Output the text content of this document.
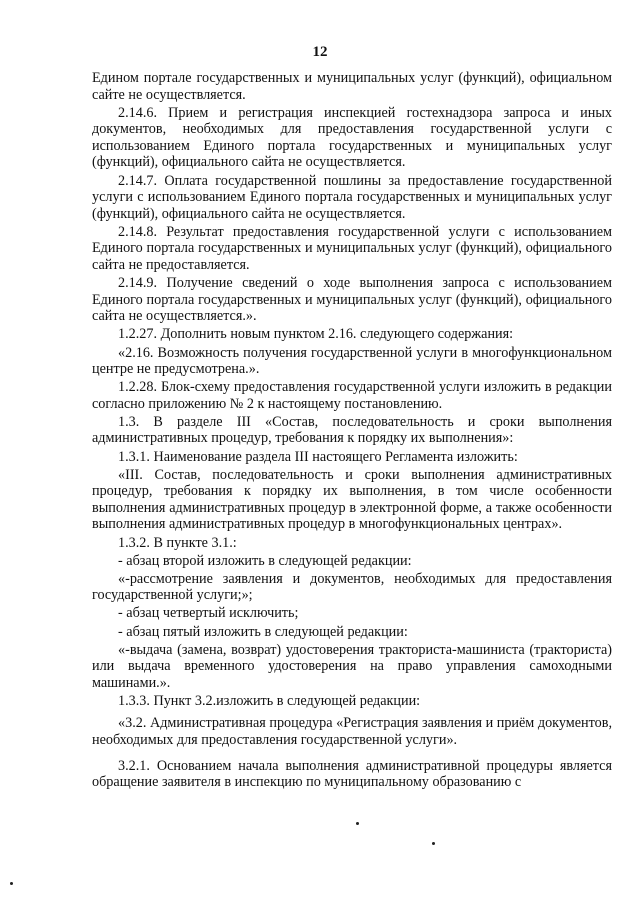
12

Едином портале государственных и муниципальных услуг (функций), официальном сайте не осуществляется.

2.14.6. Прием и регистрация инспекцией гостехнадзора запроса и иных документов, необходимых для предоставления государственной услуги с использованием Единого портала государственных и муниципальных услуг (функций), официального сайта не осуществляется.

2.14.7. Оплата государственной пошлины за предоставление государственной услуги с использованием Единого портала государственных и муниципальных услуг (функций), официального сайта не осуществляется.

2.14.8. Результат предоставления государственной услуги с использованием Единого портала государственных и муниципальных услуг (функций), официального сайта не предоставляется.

2.14.9. Получение сведений о ходе выполнения запроса с использованием Единого портала государственных и муниципальных услуг (функций), официального сайта не осуществляется.».

1.2.27. Дополнить новым пунктом 2.16. следующего содержания:

«2.16. Возможность получения государственной услуги в многофункциональном центре не предусмотрена.».

1.2.28. Блок-схему предоставления государственной услуги изложить в редакции согласно приложению № 2 к настоящему постановлению.

1.3. В разделе III «Состав, последовательность и сроки выполнения административных процедур, требования к порядку их выполнения»:

1.3.1. Наименование раздела III настоящего Регламента изложить:

«III. Состав, последовательность и сроки выполнения административных процедур, требования к порядку их выполнения, в том числе особенности выполнения административных процедур в электронной форме, а также особенности выполнения административных процедур в многофункциональных центрах».

1.3.2. В пункте 3.1.:

- абзац второй изложить в следующей редакции:

«-рассмотрение заявления и документов, необходимых для предоставления государственной услуги;»;

- абзац четвертый исключить;

- абзац пятый изложить в следующей редакции:

«-выдача (замена, возврат) удостоверения тракториста-машиниста (тракториста) или выдача временного удостоверения на право управления самоходными машинами.».

1.3.3. Пункт 3.2.изложить в следующей редакции:

«3.2. Административная процедура «Регистрация заявления и приём документов, необходимых для предоставления государственной услуги».

3.2.1. Основанием начала выполнения административной процедуры является обращение заявителя в инспекцию по муниципальному образованию с
